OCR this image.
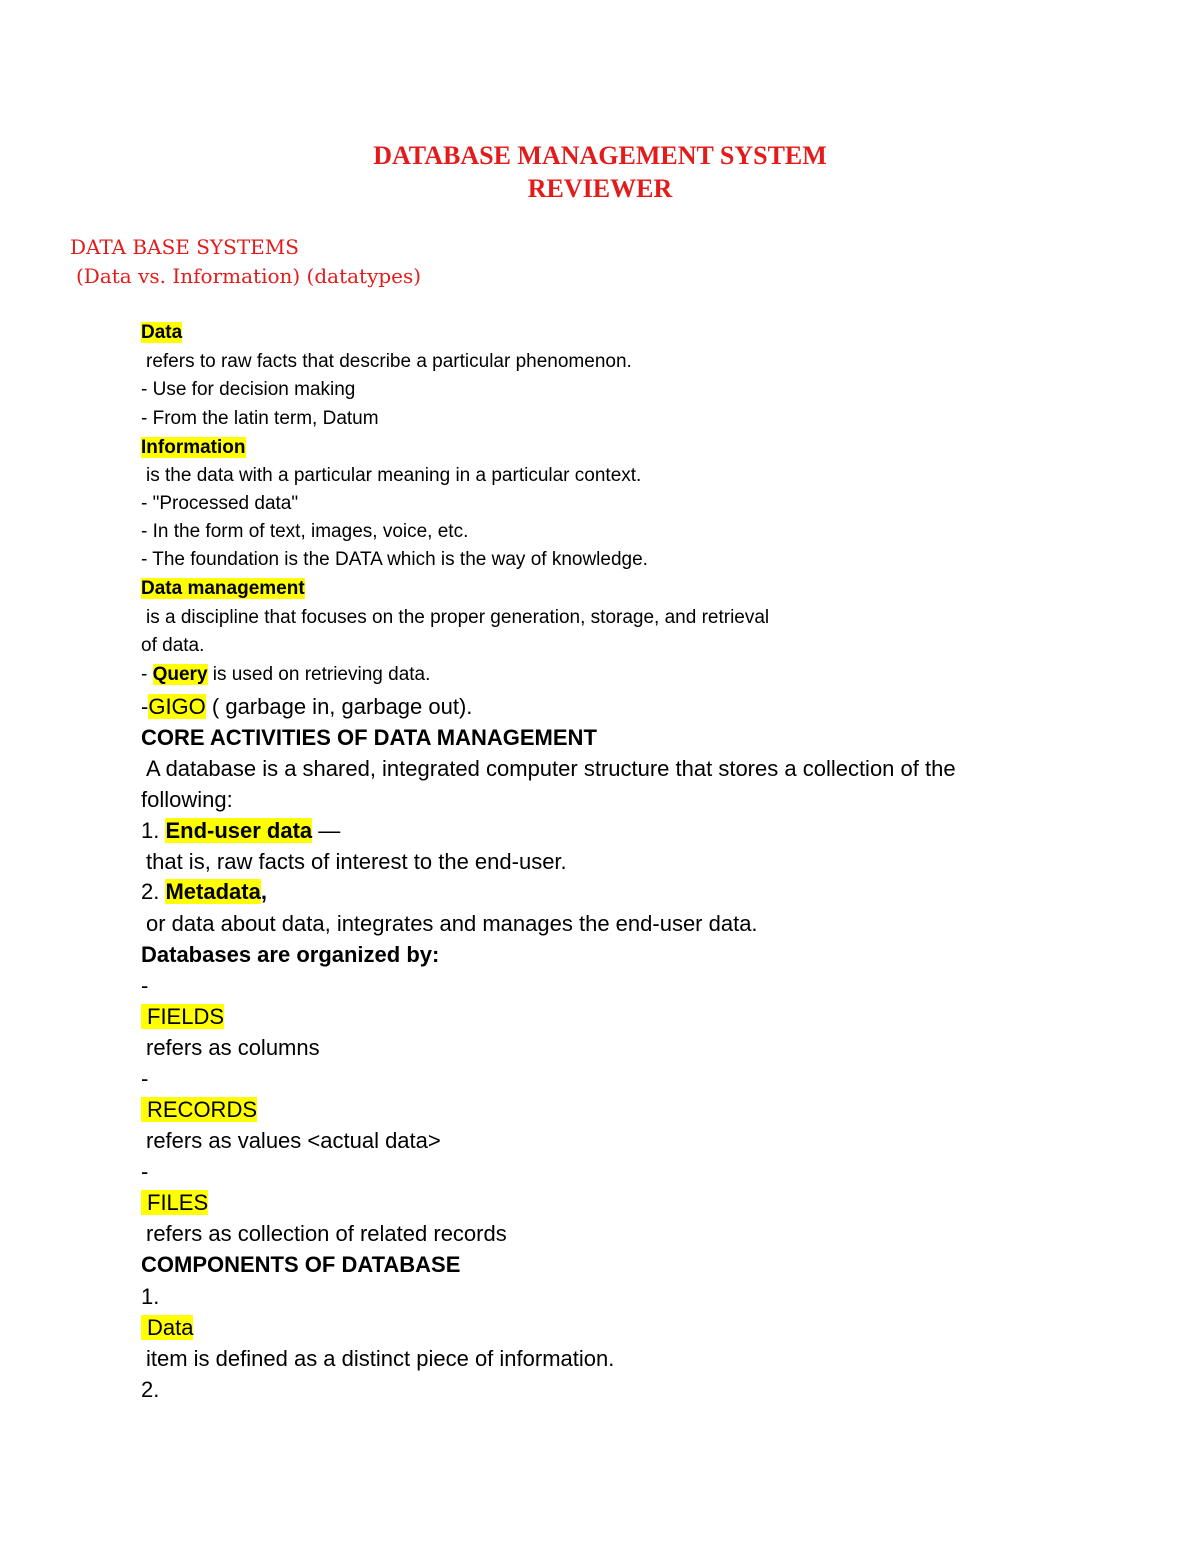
DATABASE MANAGEMENT SYSTEM
REVIEWER
DATA BASE SYSTEMS
(Data vs. Information) (datatypes)
Data
refers to raw facts that describe a particular phenomenon.
- Use for decision making
- From the latin term, Datum
Information
is the data with a particular meaning in a particular context.
- "Processed data"
- In the form of text, images, voice, etc.
- The foundation is the DATA which is the way of knowledge.
Data management
is a discipline that focuses on the proper generation, storage, and retrieval
of data.
- Query is used on retrieving data.
-GIGO ( garbage in, garbage out).
CORE ACTIVITIES OF DATA MANAGEMENT
A database is a shared, integrated computer structure that stores a collection of the
following:
1. End-user data —
that is, raw facts of interest to the end-user.
2. Metadata,
or data about data, integrates and manages the end-user data.
Databases are organized by:
-
FIELDS
refers as columns
-
RECORDS
refers as values <actual data>
-
FILES
refers as collection of related records
COMPONENTS OF DATABASE
1.
Data
item is defined as a distinct piece of information.
2.
